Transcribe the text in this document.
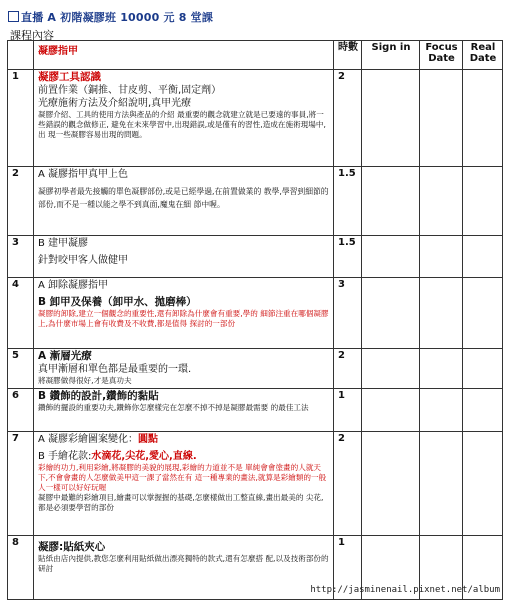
直播 A 初階凝膠班 10000 元 8 堂課
課程內容
	凝膠指甲	時數	Sign in	Focus Date	Real Date
1	凝膠工具認識
前置作業（銅推、甘皮剪、平衡,固定劑）
光療施術方法及介紹說明,真甲光療
凝膠介紹、工具的使用方法與產品的介紹 最重要的觀念就建立就是已要遠的事員,將一些錯誤的觀念做修正, 避免在未來學習中,出現錯誤,或是僅有的習性,造成在施術現場中,出 現一些凝膠容易出現的問題。	2			
2	A 凝膠指甲真甲上色
凝膠初學者最先接觸的單色凝膠部份,或是已經學過,在前置做業的 教學,學習到細節的部份,而不是一種以能之學不到真面,魔鬼在細 節中喔。	1.5			
3	B 建甲凝膠
針對咬甲客人做健甲	1.5			
4	A 卸除凝膠指甲
B 卸甲及保養（卸甲水、拋磨棒）
凝膠的卸除,建立一個觀念的重要性,還有卸除為什麼會有重要,學的 細節注重在哪個凝膠上,為什麼市場上會有收費及不收費,都是值得 探討的一部份	3			
5	A 漸層光療
真甲漸層和單色都是最重要的一環.
將凝膠做得很好,才是真功夫	2			
6	B 鑽飾的設計,鑽飾的黏貼
鑽飾的擺設的重要功夫,鑽飾你怎麼樣完在怎麼不掉不掉是凝膠最需要 的最佳工法	1			
7	A 凝膠彩繪圖案變化：圓點
B 手繪花款:水滴花,尖花,愛心,直線.
彩繪的功力,利用彩繪,將凝膠的美貌的展現,彩繪的力道並不是 單純會會塗畫的人就天下,不會會畫的人怎麼做美甲這一課了當然在有 這一種專業的畫法,就算是彩繪類的一般人一樣可以好好玩喔
凝膠中最難的彩繪項目,繪畫可以掌握握的基礎,怎麼樣做出工整直線,畫出最美的 尖花,都是必須要學習的部份	2			
8	凝膠:貼紙夾心
貼紙由店內提供,教您怎麼利用貼紙做出漂亮獨特的款式,還有怎麼搭 配,以及技術部份的研討	1			
http://jasminenail.pixnet.net/album
